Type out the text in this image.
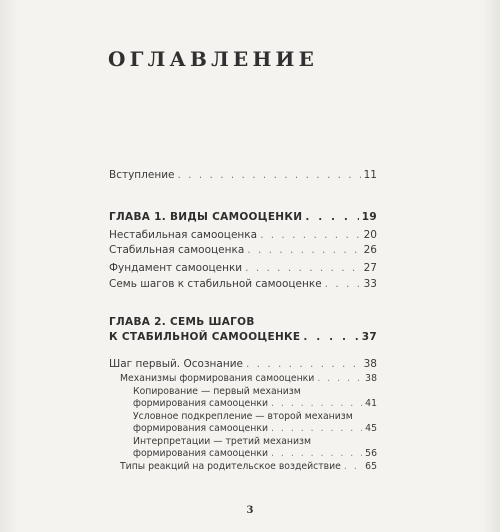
ОГЛАВЛЕНИЕ
Вступление . . .	11
ГЛАВА 1. ВИДЫ САМООЦЕНКИ . . .	19
Нестабильная самооценка . . .	20
Стабильная самооценка . . .	26
Фундамент самооценки . . .	27
Семь шагов к стабильной самооценке . . .	33
ГЛАВА 2. СЕМЬ ШАГОВ
К СТАБИЛЬНОЙ САМООЦЕНКЕ . . .	37
Шаг первый. Осознание . . .	38
Механизмы формирования самооценки . . .	38
Копирование — первый механизм
формирования самооценки . . .	41
Условное подкрепление — второй механизм
формирования самооценки . . .	45
Интерпретации — третий механизм
формирования самооценки . . .	56
Типы реакций на родительское воздействие . . .	65
3
